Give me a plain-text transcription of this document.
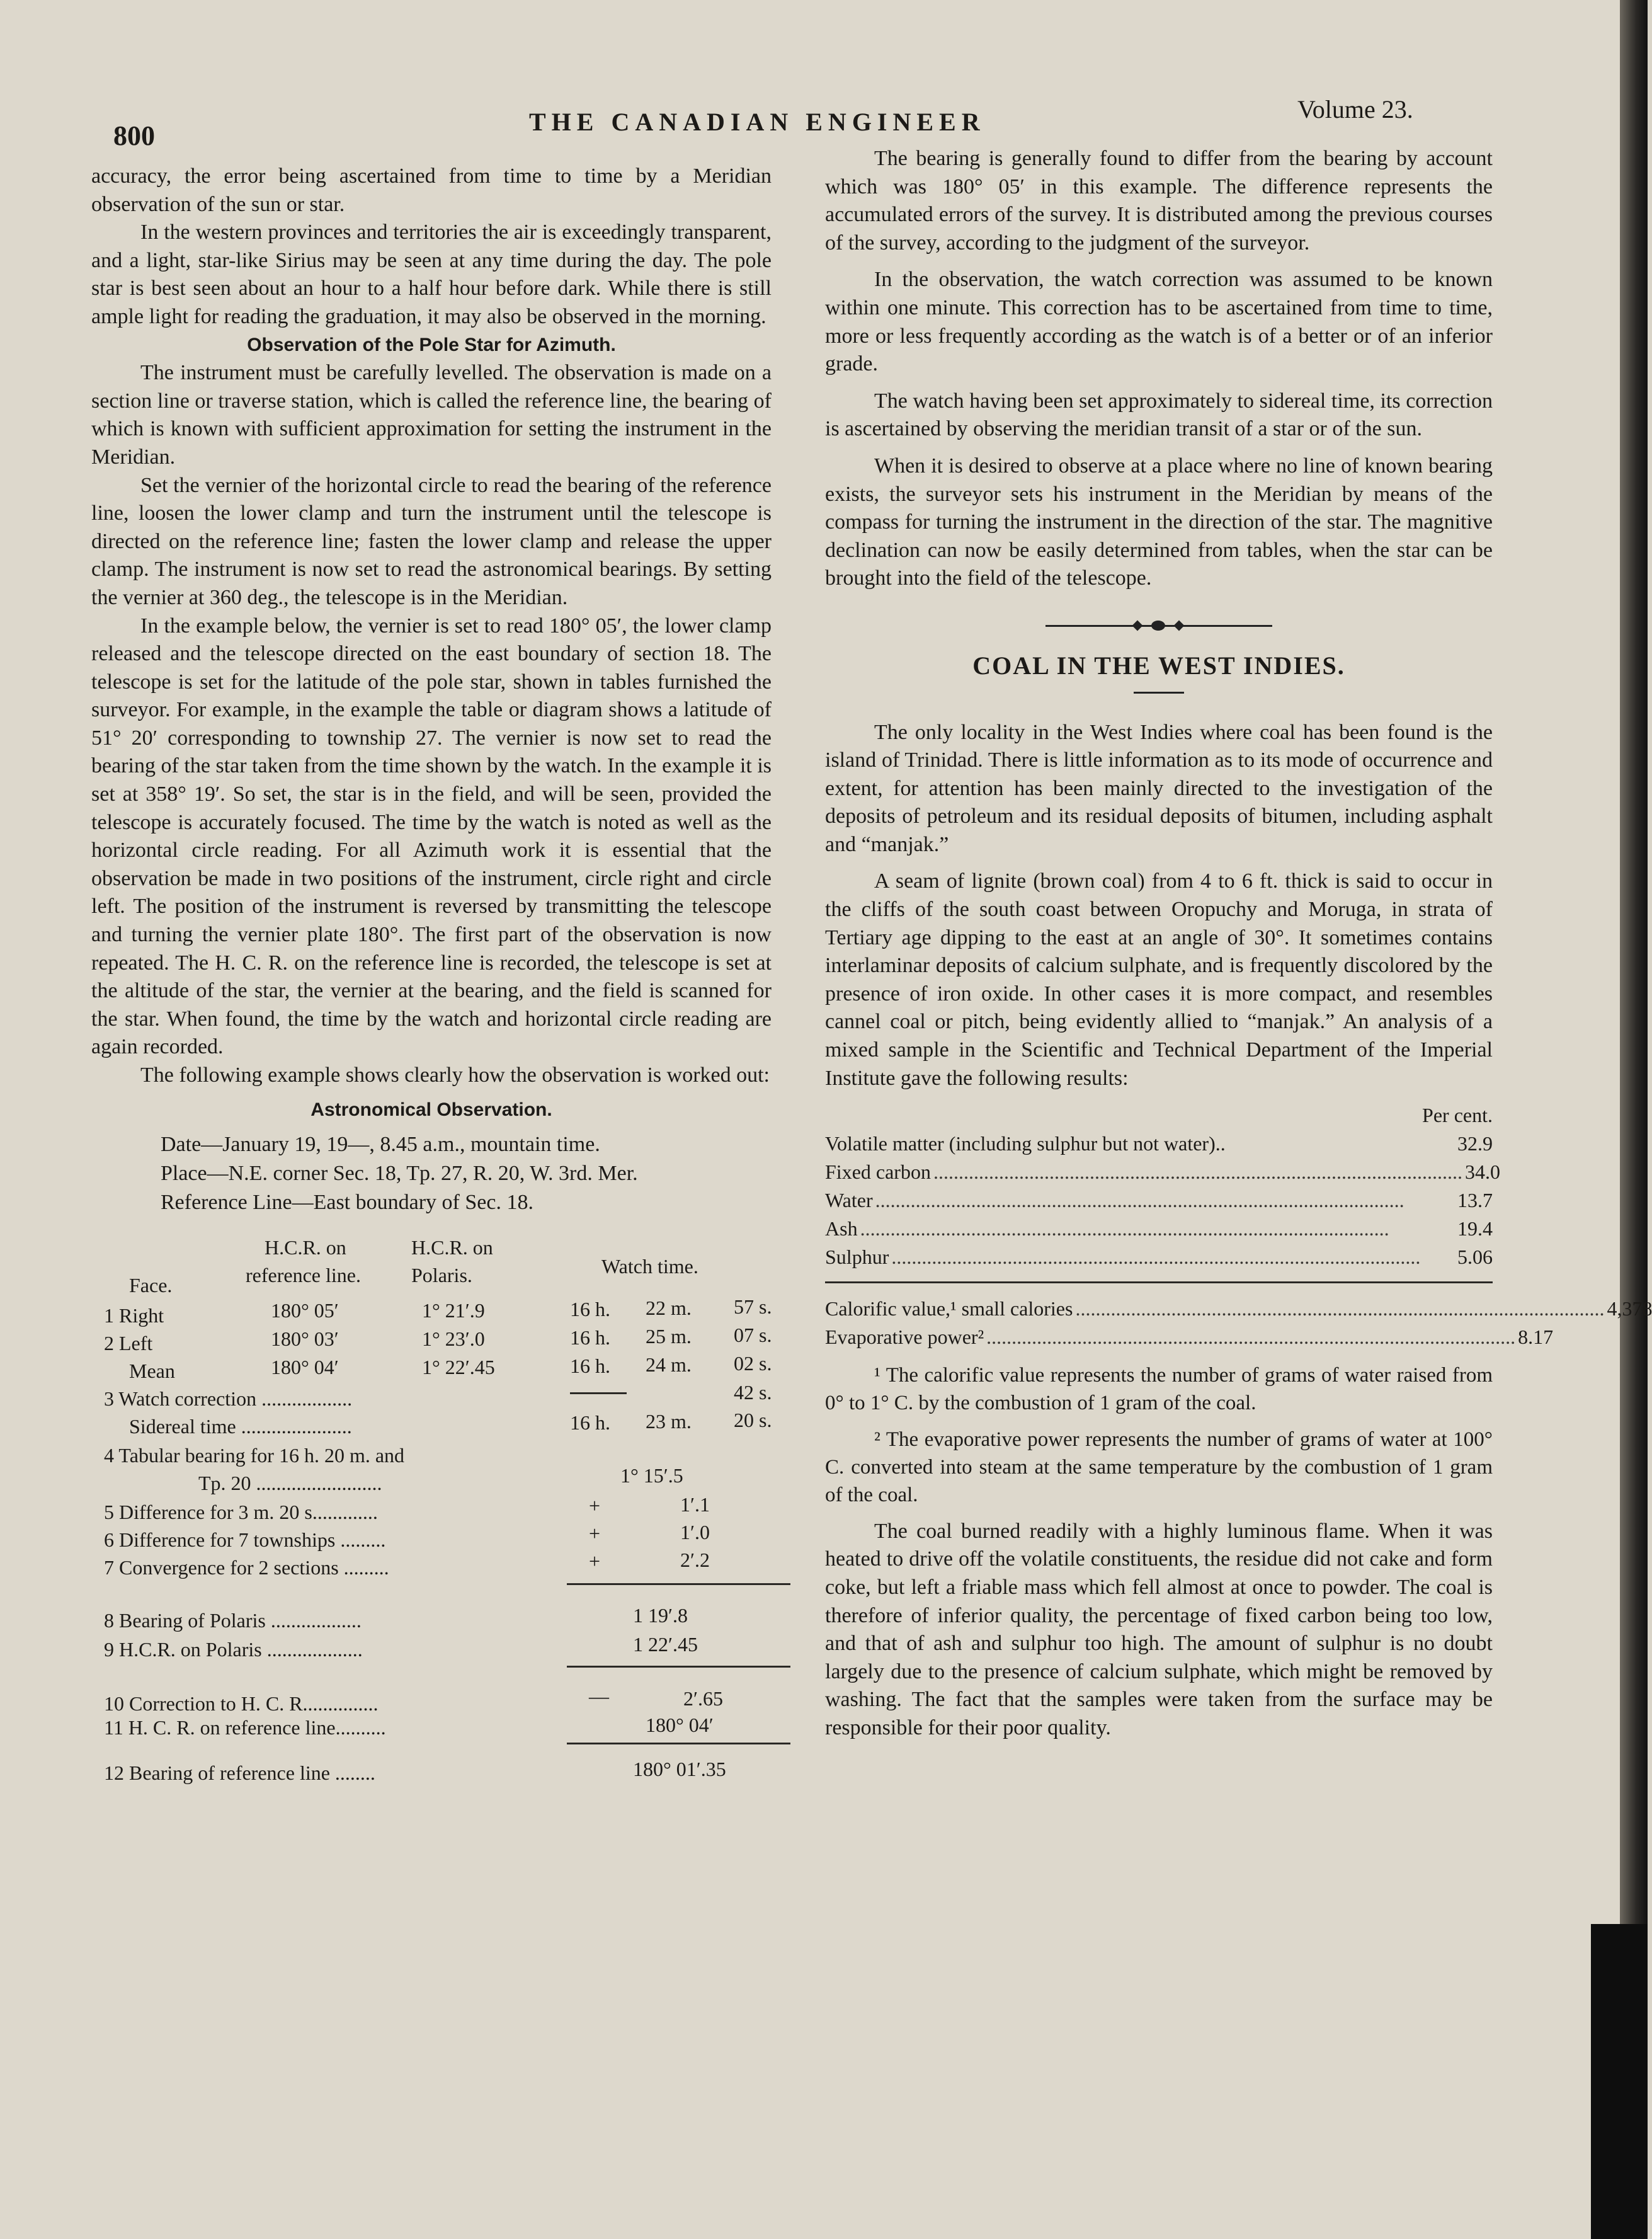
800	THE CANADIAN ENGINEER	Volume 23.

accuracy, the error being ascertained from time to time by a Meridian observation of the sun or star.

In the western provinces and territories the air is exceedingly transparent, and a light, star-like Sirius may be seen at any time during the day. The pole star is best seen about an hour to a half hour before dark. While there is still ample light for reading the graduation, it may also be observed in the morning.

Observation of the Pole Star for Azimuth.

The instrument must be carefully levelled. The observation is made on a section line or traverse station, which is called the reference line, the bearing of which is known with sufficient approximation for setting the instrument in the Meridian.

Set the vernier of the horizontal circle to read the bearing of the reference line, loosen the lower clamp and turn the instrument until the telescope is directed on the reference line; fasten the lower clamp and release the upper clamp. The instrument is now set to read the astronomical bearings. By setting the vernier at 360 deg., the telescope is in the Meridian.

In the example below, the vernier is set to read 180° 05′, the lower clamp released and the telescope directed on the east boundary of section 18. The telescope is set for the latitude of the pole star, shown in tables furnished the surveyor. For example, in the example the table or diagram shows a latitude of 51° 20′ corresponding to township 27. The vernier is now set to read the bearing of the star taken from the time shown by the watch. In the example it is set at 358° 19′. So set, the star is in the field, and will be seen, provided the telescope is accurately focused. The time by the watch is noted as well as the horizontal circle reading. For all Azimuth work it is essential that the observation be made in two positions of the instrument, circle right and circle left. The position of the instrument is reversed by transmitting the telescope and turning the vernier plate 180°. The first part of the observation is now repeated. The H. C. R. on the reference line is recorded, the telescope is set at the altitude of the star, the vernier at the bearing, and the field is scanned for the star. When found, the time by the watch and horizontal circle reading are again recorded.

The following example shows clearly how the observation is worked out:

Astronomical Observation.
Date—January 19, 19—, 8.45 a.m., mountain time.
Place—N.E. corner Sec. 18, Tp. 27, R. 20, W. 3rd. Mer.
Reference Line—East boundary of Sec. 18.
H.C.R. on	H.C.R. on
reference line.	Polaris.
Face.
Watch time.
1 Right	180° 05′	1° 21′.9	16 h. 22 m. 57 s.
2 Left	180° 03′	1° 23′.0	16 h. 25 m. 07 s.
Mean	180° 04′	1° 22′.45	16 h. 24 m. 02 s.
3 Watch correction ..................	42 s.
Sidereal time ......................	16 h. 23 m. 20 s.
4 Tabular bearing for 16 h. 20 m. and
Tp. 20 .........................	1° 15′.5
5 Difference for 3 m. 20 s.............	+	1′.1
6 Difference for 7 townships .........	+	1′.0
7 Convergence for 2 sections .........	+	2′.2
8 Bearing of Polaris ..................	1 19′.8
9 H.C.R. on Polaris ...................	1 22′.45
10 Correction to H. C. R...............	—	2′.65
11 H. C. R. on reference line..........	180° 04′
12 Bearing of reference line ........	180° 01′.35

The bearing is generally found to differ from the bearing by account which was 180° 05′ in this example. The difference represents the accumulated errors of the survey. It is distributed among the previous courses of the survey, according to the judgment of the surveyor.

In the observation, the watch correction was assumed to be known within one minute. This correction has to be ascertained from time to time, more or less frequently according as the watch is of a better or of an inferior grade.

The watch having been set approximately to sidereal time, its correction is ascertained by observing the meridian transit of a star or of the sun.

When it is desired to observe at a place where no line of known bearing exists, the surveyor sets his instrument in the Meridian by means of the compass for turning the instrument in the direction of the star. The magnitive declination can now be easily determined from tables, when the star can be brought into the field of the telescope.

COAL IN THE WEST INDIES.

The only locality in the West Indies where coal has been found is the island of Trinidad. There is little information as to its mode of occurrence and extent, for attention has been mainly directed to the investigation of the deposits of petroleum and its residual deposits of bitumen, including asphalt and “manjak.”

A seam of lignite (brown coal) from 4 to 6 ft. thick is said to occur in the cliffs of the south coast between Oropuchy and Moruga, in strata of Tertiary age dipping to the east at an angle of 30°. It sometimes contains interlaminar deposits of calcium sulphate, and is frequently discolored by the presence of iron oxide. In other cases it is more compact, and resembles cannel coal or pitch, being evidently allied to “manjak.” An analysis of a mixed sample in the Scientific and Technical Department of the Imperial Institute gave the following results:

Per cent.
Volatile matter (including sulphur but not water)..	32.9
Fixed carbon ......................................................................................................... 34.0
Water .........................................................................................................	13.7
Ash .........................................................................................................	19.4
Sulphur .........................................................................................................	5.06
Calorific value,¹ small calories ......................................................................................................... 4,378
Evaporative power² ......................................................................................................... 8.17

¹ The calorific value represents the number of grams of water raised from 0° to 1° C. by the combustion of 1 gram of the coal.

² The evaporative power represents the number of grams of water at 100° C. converted into steam at the same temperature by the combustion of 1 gram of the coal.

The coal burned readily with a highly luminous flame. When it was heated to drive off the volatile constituents, the residue did not cake and form coke, but left a friable mass which fell almost at once to powder. The coal is therefore of inferior quality, the percentage of fixed carbon being too low, and that of ash and sulphur too high. The amount of sulphur is no doubt largely due to the presence of calcium sulphate, which might be removed by washing. The fact that the samples were taken from the surface may be responsible for their poor quality.
